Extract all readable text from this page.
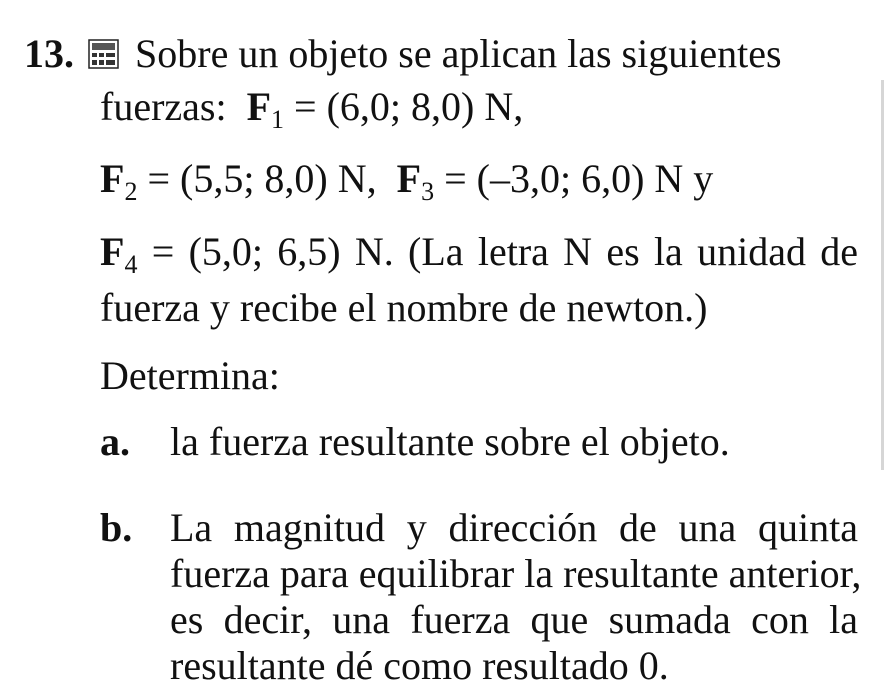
13. Sobre un objeto se aplican las siguientes
fuerzas: $F_1 = (6,0$; 8,0) N,
$F_2 = (5,5$; 8,0) N, $F_3 = (-3,0$; 6,0) N y
$F_4 = (5,0$; 6,5) N. (La letra N es la unidad de
fuerza y recibe el nombre de newton.)
Determina:
a. la fuerza resultante sobre el objeto.
b. La magnitud y dirección de una quinta
fuerza para equilibrar la resultante anterior,
es decir, una fuerza que sumada con la
resultante dé como resultado 0.
